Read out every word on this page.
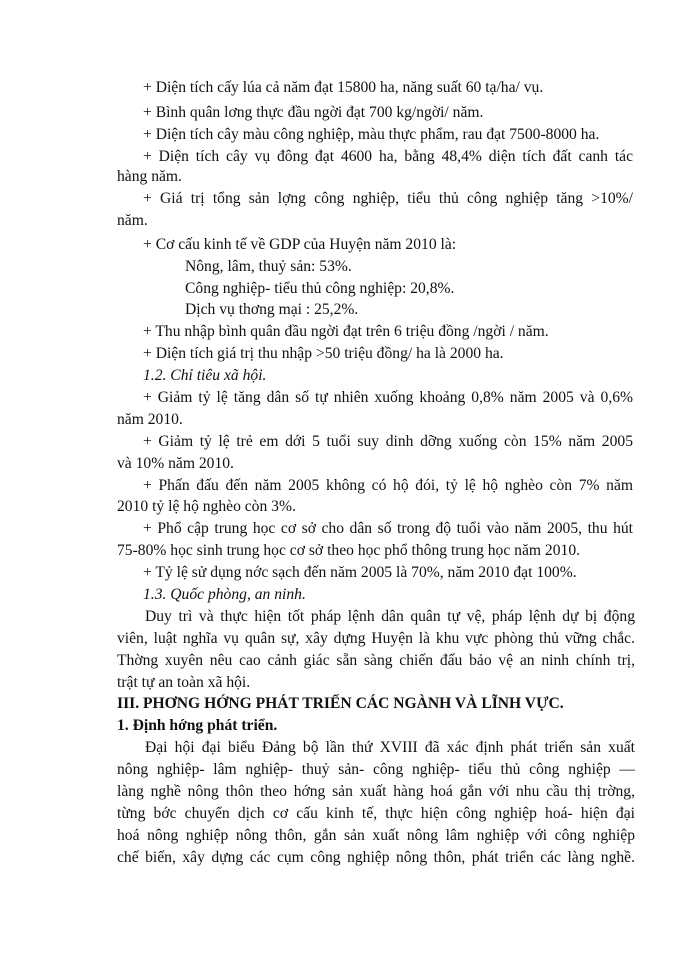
+ Diện tích cấy lúa cả năm đạt 15800 ha, năng suất 60 tạ/ha/ vụ.
+ Bình quân lơng thực đầu ngời đạt 700 kg/ngời/ năm.
+ Diện tích cây màu công nghiệp, màu thực phẩm, rau đạt 7500-8000 ha.
+ Diện tích cây vụ đông đạt 4600 ha, bằng 48,4% diện tích đất canh tác
hàng năm.
+ Giá trị tổng sản lợng công nghiệp, tiểu thủ công nghiệp tăng >10%/
năm.
+ Cơ cấu kinh tế về GDP của Huyện năm 2010 là:
Nông, lâm, thuỷ sản: 53%.
Công nghiệp- tiểu thủ công nghiệp: 20,8%.
Dịch vụ thơng mại : 25,2%.
+ Thu nhập bình quân đầu ngời đạt trên 6 triệu đồng /ngời / năm.
+ Diện tích giá trị thu nhập >50 triệu đồng/ ha là 2000 ha.
1.2. Chỉ tiêu xã hội.
+ Giảm tỷ lệ tăng dân số tự nhiên xuống khoảng 0,8% năm 2005 và 0,6%
năm 2010.
+ Giảm tỷ lệ trẻ em dới 5 tuổi suy dinh dỡng xuống còn 15% năm 2005
và 10% năm 2010.
+ Phấn đấu đến năm 2005 không có hộ đói, tỷ lệ hộ nghèo còn 7% năm
2010 tỷ lệ hộ nghèo còn 3%.
+ Phổ cập trung học cơ sở cho dân số trong độ tuổi vào năm 2005, thu hút
75-80% học sinh trung học cơ sở theo học phổ thông trung học năm 2010.
+ Tỷ lệ sử dụng nớc sạch đến năm 2005 là 70%, năm 2010 đạt 100%.
1.3. Quốc phòng, an ninh.
Duy trì và thực hiện tốt pháp lệnh dân quân tự vệ, pháp lệnh dự bị động
viên, luật nghĩa vụ quân sự, xây dựng Huyện là khu vực phòng thủ vững chắc.
Thờng xuyên nêu cao cảnh giác sẵn sàng chiến đấu bảo vệ an ninh chính trị,
trật tự an toàn xã hội.
III. PHƠNG HỚNG PHÁT TRIỂN CÁC NGÀNH VÀ LĨNH VỰC.
1. Định hớng phát triển.
Đại hội đại biểu Đảng bộ lần thứ XVIII đã xác định phát triển sản xuất
nông nghiệp- lâm nghiệp- thuỷ sản- công nghiệp- tiểu thủ công nghiệp —
làng nghề nông thôn theo hớng sản xuất hàng hoá gắn với nhu cầu thị trờng,
từng bớc chuyển dịch cơ cấu kinh tế, thực hiện công nghiệp hoá- hiện đại
hoá nông nghiệp nông thôn, gắn sản xuất nông lâm nghiệp với công nghiệp
chế biến, xây dựng các cụm công nghiệp nông thôn, phát triển các làng nghề.
